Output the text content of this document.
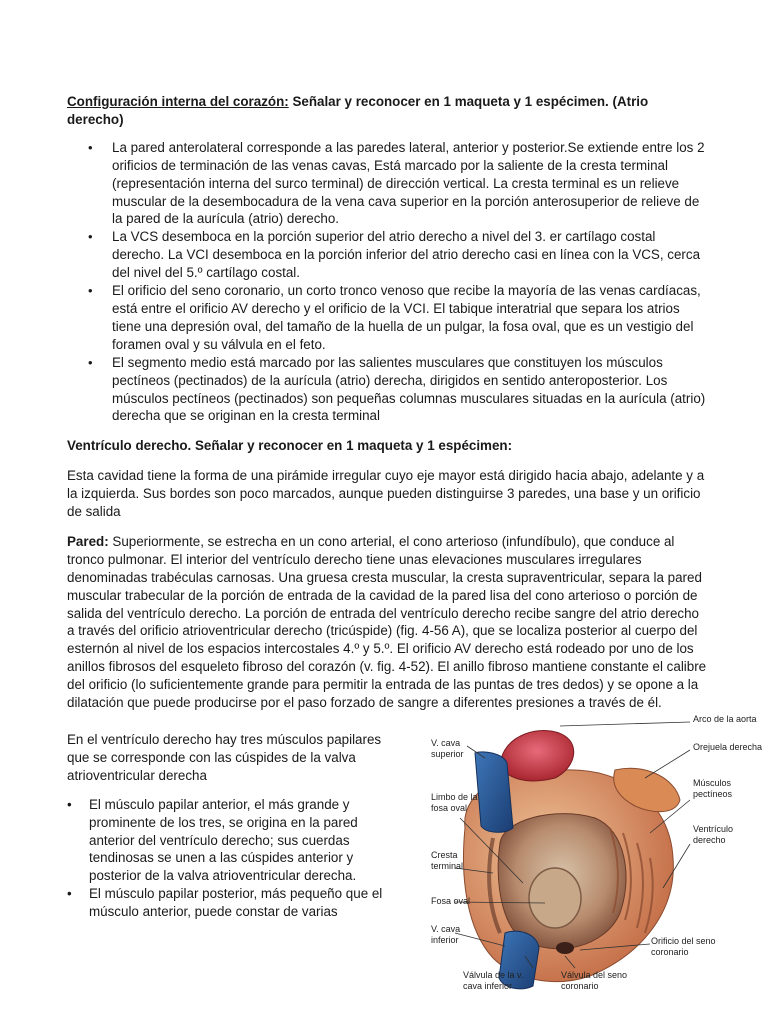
Configuración interna del corazón: Señalar y reconocer en 1 maqueta y 1 espécimen. (Atrio derecho)

• La pared anterolateral corresponde a las paredes lateral, anterior y posterior.Se extiende entre los 2 orificios de terminación de las venas cavas, Está marcado por la saliente de la cresta terminal (representación interna del surco terminal) de dirección vertical. La cresta terminal es un relieve muscular de la desembocadura de la vena cava superior en la porción anterosuperior de relieve de la pared de la aurícula (atrio) derecho.
• La VCS desemboca en la porción superior del atrio derecho a nivel del 3. er cartílago costal derecho. La VCI desemboca en la porción inferior del atrio derecho casi en línea con la VCS, cerca del nivel del 5.º cartílago costal.
• El orificio del seno coronario, un corto tronco venoso que recibe la mayoría de las venas cardíacas, está entre el orificio AV derecho y el orificio de la VCI. El tabique interatrial que separa los atrios tiene una depresión oval, del tamaño de la huella de un pulgar, la fosa oval, que es un vestigio del foramen oval y su válvula en el feto.
• El segmento medio está marcado por las salientes musculares que constituyen los músculos pectíneos (pectinados) de la aurícula (atrio) derecha, dirigidos en sentido anteroposterior. Los músculos pectíneos (pectinados) son pequeñas columnas musculares situadas en la aurícula (atrio) derecha que se originan en la cresta terminal

Ventrículo derecho. Señalar y reconocer en 1 maqueta y 1 espécimen:

Esta cavidad tiene la forma de una pirámide irregular cuyo eje mayor está dirigido hacia abajo, adelante y a la izquierda. Sus bordes son poco marcados, aunque pueden distinguirse 3 paredes, una base y un orificio de salida

Pared: Superiormente, se estrecha en un cono arterial, el cono arterioso (infundíbulo), que conduce al tronco pulmonar. El interior del ventrículo derecho tiene unas elevaciones musculares irregulares denominadas trabéculas carnosas. Una gruesa cresta muscular, la cresta supraventricular, separa la pared muscular trabecular de la porción de entrada de la cavidad de la pared lisa del cono arterioso o porción de salida del ventrículo derecho. La porción de entrada del ventrículo derecho recibe sangre del atrio derecho a través del orificio atrioventricular derecho (tricúspide) (fig. 4-56 A), que se localiza posterior al cuerpo del esternón al nivel de los espacios intercostales 4.º y 5.º. El orificio AV derecho está rodeado por uno de los anillos fibrosos del esqueleto fibroso del corazón (v. fig. 4-52). El anillo fibroso mantiene constante el calibre del orificio (lo suficientemente grande para permitir la entrada de las puntas de tres dedos) y se opone a la dilatación que puede producirse por el paso forzado de sangre a diferentes presiones a través de él.

En el ventrículo derecho hay tres músculos papilares que se corresponde con las cúspides de la valva atrioventricular derecha

• El músculo papilar anterior, el más grande y prominente de los tres, se origina en la pared anterior del ventrículo derecho; sus cuerdas tendinosas se unen a las cúspides anterior y posterior de la valva atrioventricular derecha.
• El músculo papilar posterior, más pequeño que el músculo anterior, puede constar de varias
Arco de la aorta
V. cava superior
Orejuela derecha
Músculos pectíneos
Limbo de la fosa oval
Ventrículo derecho
Cresta terminal
Fosa oval
V. cava inferior	Orificio del seno coronario
Válvula de la v. cava inferior
Válvula del seno coronario
